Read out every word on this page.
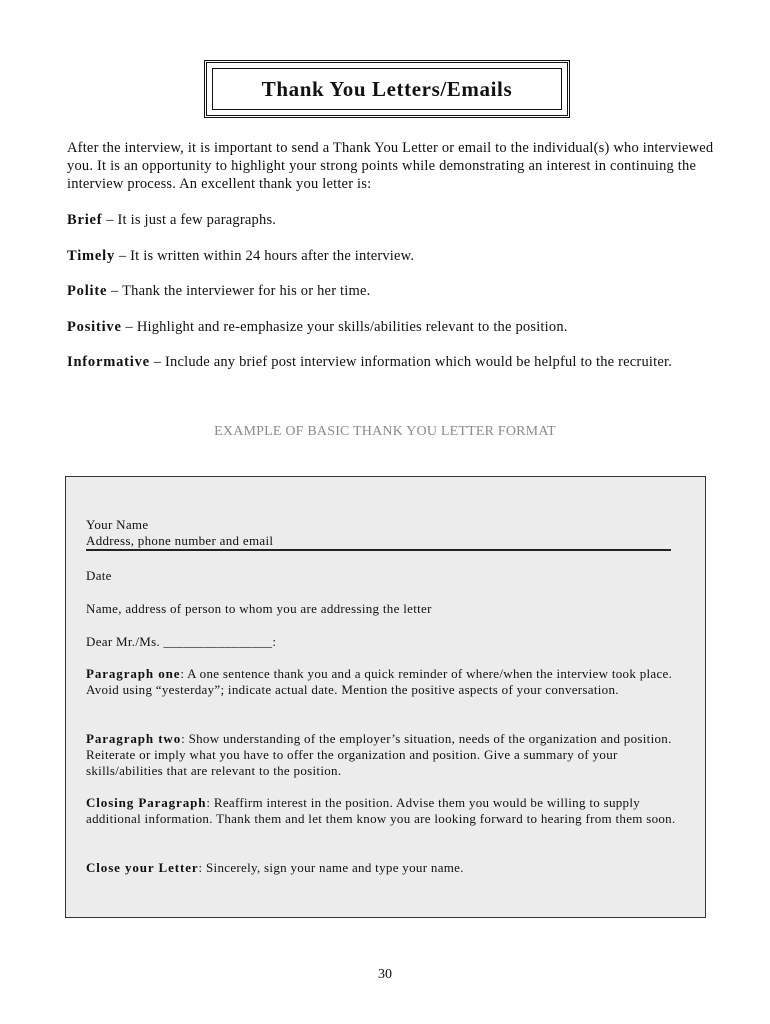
Thank You Letters/Emails
After the interview, it is important to send a Thank You Letter or email to the individual(s) who interviewed you. It is an opportunity to highlight your strong points while demonstrating an interest in continuing the interview process. An excellent thank you letter is:
Brief – It is just a few paragraphs.
Timely – It is written within 24 hours after the interview.
Polite – Thank the interviewer for his or her time.
Positive – Highlight and re-emphasize your skills/abilities relevant to the position.
Informative – Include any brief post interview information which would be helpful to the recruiter.
EXAMPLE OF BASIC THANK YOU LETTER FORMAT
Your Name
Address, phone number and email
Date
Name, address of person to whom you are addressing the letter
Dear Mr./Ms. ________________:
Paragraph one: A one sentence thank you and a quick reminder of where/when the interview took place. Avoid using “yesterday”; indicate actual date. Mention the positive aspects of your conversation.
Paragraph two: Show understanding of the employer’s situation, needs of the organization and position. Reiterate or imply what you have to offer the organization and position. Give a summary of your skills/abilities that are relevant to the position.
Closing Paragraph: Reaffirm interest in the position. Advise them you would be willing to supply additional information. Thank them and let them know you are looking forward to hearing from them soon.
Close your Letter: Sincerely, sign your name and type your name.
30
